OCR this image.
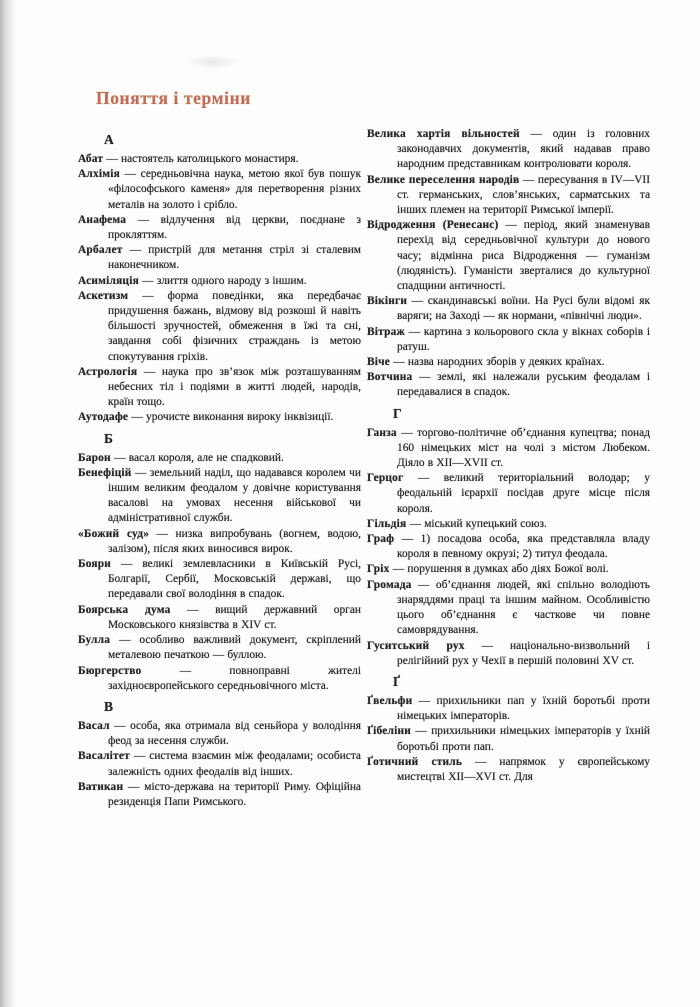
Поняття і терміни
А

Абат — настоятель католицького монастиря.

Алхімія — середньовічна наука, метою якої був пошук «філософського каменя» для перетворення різних металів на золото і срібло.

Анафема — відлучення від церкви, поєднане з прокляттям.

Арбалет — пристрій для метання стріл зі сталевим наконечником.

Асиміляція — злиття одного народу з іншим.

Аскетизм — форма поведінки, яка передбачає придушення бажань, відмову від розкоші й навіть більшості зручностей, обмеження в їжі та сні, завдання собі фізичних страждань із метою спокутування гріхів.

Астрологія — наука про зв’язок між розташуванням небесних тіл і подіями в житті людей, народів, країн тощо.

Аутодафе — урочисте виконання вироку інквізиції.

Б

Барон — васал короля, але не спадковий.

Бенефіцій — земельний наділ, що надавався королем чи іншим великим феодалом у довічне користування васалові на умовах несення військової чи адміністративної служби.

«Божий суд» — низка випробувань (вогнем, водою, залізом), після яких виносився вирок.

Бояри — великі землевласники в Київській Русі, Болгарії, Сербії, Московській державі, що передавали свої володіння в спадок.

Боярська дума — вищий державний орган Московського князівства в XIV ст.

Булла — особливо важливий документ, скріплений металевою печаткою — буллою.

Бюргерство — повноправні жителі західноєвропейського середньовічного міста.

В

Васал — особа, яка отримала від сеньйора у володіння феод за несення служби.

Васалітет — система взаємин між феодалами; особиста залежність одних феодалів від інших.

Ватикан — місто-держава на території Риму. Офіційна резиденція Папи Римського.

Велика хартія вільностей — один із головних законодавчих документів, який надавав право народним представникам контролювати короля.

Велике переселення народів — пересування в IV—VII ст. германських, слов’янських, сарматських та інших племен на території Римської імперії.

Відродження (Ренесанс) — період, який знаменував перехід від середньовічної культури до нового часу; відмінна риса Відродження — гуманізм (людяність). Гуманісти зверталися до культурної спадщини античності.

Вікінги — скандинавські воїни. На Русі були відомі як варяги; на Заході — як нормани, «північні люди».

Вітраж — картина з кольорового скла у вікнах соборів і ратуш.

Віче — назва народних зборів у деяких країнах.

Вотчина — землі, які належали руським феодалам і передавалися в спадок.

Г

Ганза — торгово-політичне об’єднання купецтва; понад 160 німецьких міст на чолі з містом Любеком. Діяло в XII—XVII ст.

Герцог — великий територіальний володар; у феодальній ієрархії посідав друге місце після короля.

Гільдія — міський купецький союз.

Граф — 1) посадова особа, яка представляла владу короля в певному окрузі; 2) титул феодала.

Гріх — порушення в думках або діях Божої волі.

Громада — об’єднання людей, які спільно володіють знаряддями праці та іншим майном. Особливістю цього об’єднання є часткове чи повне самоврядування.

Гуситський рух — національно-визвольний і релігійний рух у Чехії в першій половині XV ст.

Ґ

Ґвельфи — прихильники пап у їхній боротьбі проти німецьких імператорів.

Ґібеліни — прихильники німецьких імператорів у їхній боротьбі проти пап.

Ґотичний стиль — напрямок у європейському мистецтві XII—XVI ст. Для
